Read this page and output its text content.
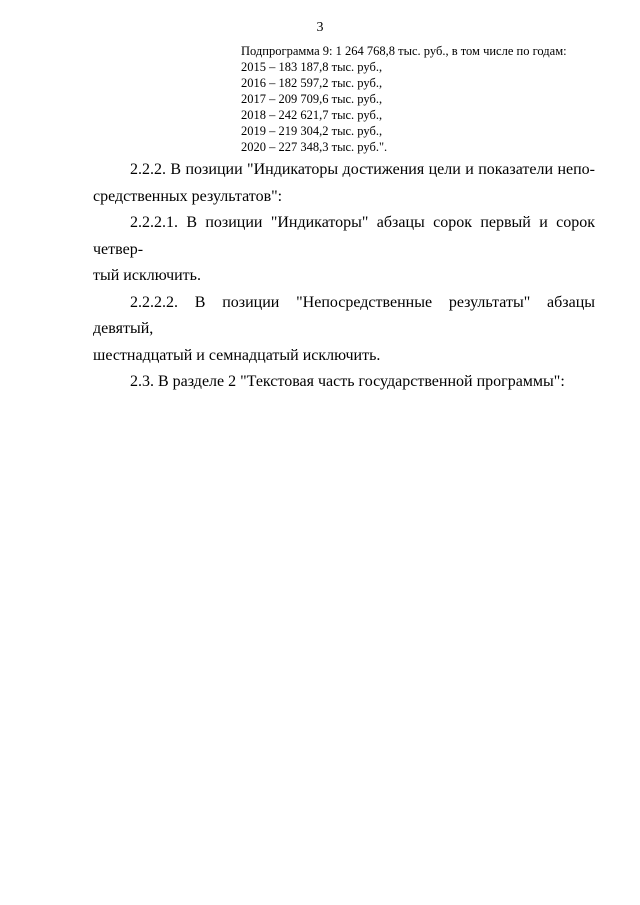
3
Подпрограмма 9: 1 264 768,8 тыс. руб., в том числе по годам:
2015 – 183 187,8 тыс. руб.,
2016 – 182 597,2 тыс. руб.,
2017 – 209 709,6 тыс. руб.,
2018 – 242 621,7 тыс. руб.,
2019 – 219 304,2 тыс. руб.,
2020 – 227 348,3 тыс. руб.".
2.2.2. В позиции "Индикаторы достижения цели и показатели непо-
средственных результатов":
2.2.2.1. В позиции "Индикаторы" абзацы сорок первый и сорок четвер-
тый исключить.
2.2.2.2. В позиции "Непосредственные результаты" абзацы девятый,
шестнадцатый и семнадцатый исключить.
2.3. В разделе 2 "Текстовая часть государственной программы":
